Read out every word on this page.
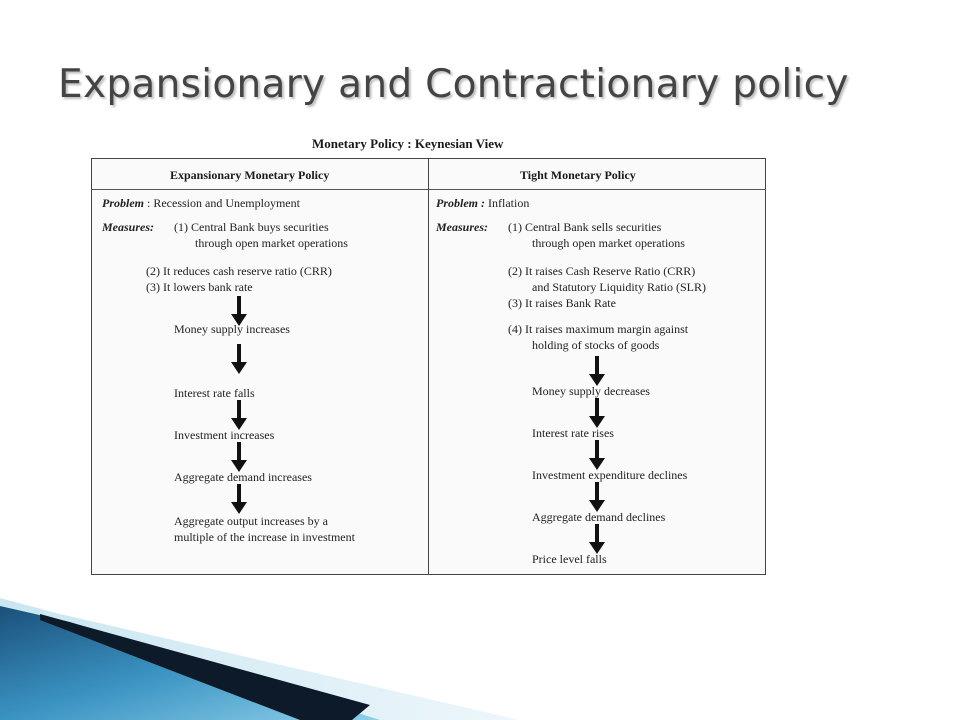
Expansionary and Contractionary policy
Monetary Policy : Keynesian View
Expansionary Monetary Policy
Problem : Recession and Unemployment
Measures: (1) Central Bank buys securities
through open market operations
(2) It reduces cash reserve ratio (CRR)
(3) It lowers bank rate
Money supply increases
Interest rate falls
Investment increases
Aggregate demand increases
Aggregate output increases by a
multiple of the increase in investment
Tight Monetary Policy
Problem : Inflation
Measures: (1) Central Bank sells securities
through open market operations
(2) It raises Cash Reserve Ratio (CRR)
and Statutory Liquidity Ratio (SLR)
(3) It raises Bank Rate
(4) It raises maximum margin against
holding of stocks of goods
Money supply decreases
Interest rate rises
Investment expenditure declines
Aggregate demand declines
Price level falls
